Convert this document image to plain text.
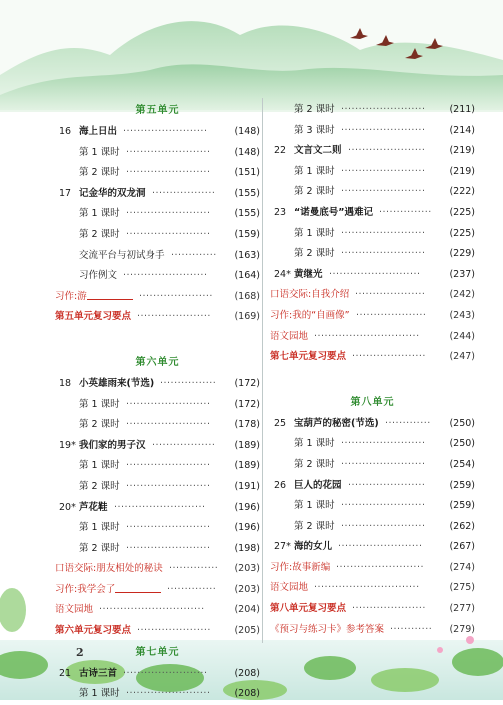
第五单元
16 海上日出 ························	(148)
第 1 课时 ························	(148)
第 2 课时 ························	(151)
17 记金华的双龙洞 ··················	(155)
第 1 课时 ························	(155)
第 2 课时 ························	(159)
交流平台与初试身手 ·············	(163)
习作例文 ························	(164)
习作:游	·····················	(168)
第五单元复习要点 ·····················	(169)
第六单元
18 小英雄雨来(节选) ················	(172)
第 1 课时 ························	(172)
第 2 课时 ························	(178)
19* 我们家的男子汉 ··················	(189)
第 1 课时 ························	(189)
第 2 课时 ························	(191)
20* 芦花鞋 ··························	(196)
第 1 课时 ························	(196)
第 2 课时 ························	(198)
口语交际:朋友相处的秘诀 ··············	(203)
习作:我学会了	··············	(203)
语文园地 ······························	(204)
第六单元复习要点 ·····················	(205)
第七单元
21 古诗三首 ························	(208)
第 1 课时 ························	(208)
第 2 课时 ························	(211)
第 3 课时 ························	(214)
22 文言文二则 ······················	(219)
第 1 课时 ························	(219)
第 2 课时 ························	(222)
23 “诺曼底号”遇难记 ···············	(225)
第 1 课时 ························	(225)
第 2 课时 ························	(229)
24* 黄继光 ··························	(237)
口语交际:自我介绍 ····················	(242)
习作:我的“自画像” ····················	(243)
语文园地 ······························	(244)
第七单元复习要点 ·····················	(247)
第八单元
25 宝葫芦的秘密(节选) ·············	(250)
第 1 课时 ························	(250)
第 2 课时 ························	(254)
26 巨人的花园 ······················	(259)
第 1 课时 ························	(259)
第 2 课时 ························	(262)
27* 海的女儿 ························	(267)
习作:故事新编 ·························	(274)
语文园地 ······························	(275)
第八单元复习要点 ·····················	(277)
《预习与练习卡》参考答案 ············	(279)
2
